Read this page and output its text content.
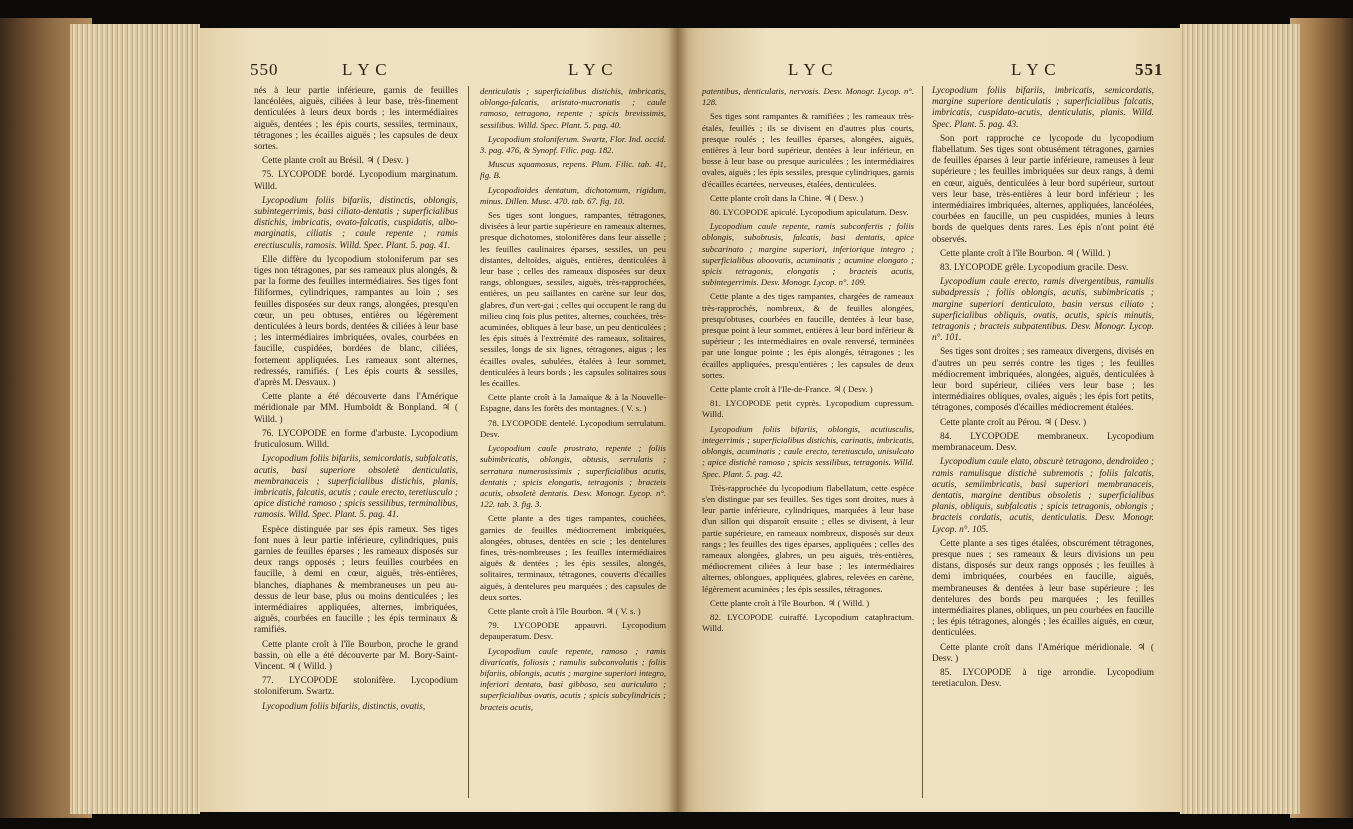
550	L Y C	L Y C

nés à leur partie inférieure, garnis de feuilles lancéolées, aiguës, ciliées à leur base, très-finement denticulées à leurs deux bords ; les intermédiaires aiguës, dentées ; les épis courts, sessiles, terminaux, tétragones ; les écailles aiguës ; les capsules de deux sortes.

Cette plante croît au Brésil. ♃ ( Desv. )

75. LYCOPODE bordé. Lycopodium marginatum. Willd.

Lycopodium foliis bifariis, distinctis, oblongis, subintegerrimis, basi ciliato-dentatis ; superficialibus distichis, imbricatis, ovato-falcatis, cuspidatis, albo-marginatis, ciliatis ; caule repente ; ramis erectiusculis, ramosis. Willd. Spec. Plant. 5. pag. 41.

Elle diffère du lycopodium stoloniferum par ses tiges non tétragones, par ses rameaux plus alongés, & par la forme des feuilles intermédiaires. Ses tiges font filiformes, cylindriques, rampantes au loin ; ses feuilles disposées sur deux rangs, alongées, presqu'en cœur, un peu obtuses, entières ou légèrement denticulées à leurs bords, dentées & ciliées à leur base ; les intermédiaires imbriquées, ovales, courbées en faucille, cuspidées, bordées de blanc, ciliées, fortement appliquées. Les rameaux sont alternes, redressés, ramifiés. ( Les épis courts & sessiles, d'après M. Desvaux. )

Cette plante a été découverte dans l'Amérique méridionale par MM. Humboldt & Bonpland. ♃ ( Willd. )

76. LYCOPODE en forme d'arbuste. Lycopodium fruticulosum. Willd.

Lycopodium foliis bifariis, semicordatis, subfalcatis, acutis, basi superiore obsoletè denticulatis, membranaceis ; superficialibus distichis, planis, imbricatis, falcatis, acutis ; caule erecto, teretiusculo ; apice distichè ramoso ; spicis sessilibus, terminalibus, ramosis. Willd. Spec. Plant. 5. pag. 41.

Espèce distinguée par ses épis rameux. Ses tiges font nues à leur partie inférieure, cylindriques, puis garnies de feuilles éparses ; les rameaux disposés sur deux rangs opposés ; leurs feuilles courbées en faucille, à demi en cœur, aiguës, très-entières, blanches, diaphanes & membraneuses un peu au-dessus de leur base, plus ou moins denticulées ; les intermédiaires appliquées, alternes, imbriquées, aiguës, courbées en faucille ; les épis terminaux & ramifiés.

Cette plante croît à l'île Bourbon, proche le grand bassin, où elle a été découverte par M. Bory-Saint-Vincent. ♃ ( Willd. )

77. LYCOPODE stolonifère. Lycopodium stoloniferum. Swartz.

Lycopodium foliis bifariis, distinctis, ovatis,

denticulatis ; superficialibus distichis, imbricatis, oblongo-falcatis, aristato-mucronatis ; caule ramoso, tetragono, repente ; spicis brevissimis, sessilibus. Willd. Spec. Plant. 5. pag. 40.

Lycopodium stoloniferum. Swartz, Flor. Ind. occid. 3. pag. 476, & Synopf. Filic. pag. 182.

Muscus squamosus, repens. Plum. Filic. tab. 41, fig. B.

Lycopodioides dentatum, dichotomum, rigidum, minus. Dillen. Musc. 470. tab. 67. fig. 10.

Ses tiges sont longues, rampantes, tétragones, divisées à leur partie supérieure en rameaux alternes, presque dichotomes, stolonifères dans leur aisselle ; les feuilles caulinaires éparses, sessiles, un peu distantes, deltoïdes, aiguës, entières, denticulées à leur base ; celles des rameaux disposées sur deux rangs, oblongues, sessiles, aiguës, très-rapprochées, entières, un peu saillantes en carène sur leur dos, glabres, d'un vert-gai ; celles qui occupent le rang du milieu cinq fois plus petites, alternes, couchées, très-acuminées, obliques à leur base, un peu denticulées ; les épis situés à l'extrémité des rameaux, solitaires, sessiles, longs de six lignes, tétragones, aigus ; les écailles ovales, subulées, étalées à leur sommet, denticulées à leurs bords ; les capsules solitaires sous les écailles.

Cette plante croît à la Jamaïque & à la Nouvelle-Espagne, dans les forêts des montagnes. ( V. s. )

78. LYCOPODE dentelé. Lycopodium serrulatum. Desv.

Lycopodium caule prostrato, repente ; foliis subimbricatis, oblongis, obtusis, serrulatis ; serratura numerosissimis ; superficialibus acutis, dentatis ; spicis elongatis, tetragonis ; bracteis acutis, obsoletè dentatis. Desv. Monogr. Lycop. n°. 122. tab. 3. fig. 3.

Cette plante a des tiges rampantes, couchées, garnies de feuilles médiocrement imbriquées, alongées, obtuses, dentées en scie ; les dentelures fines, très-nombreuses ; les feuilles intermédiaires aiguës & dentées ; les épis sessiles, alongés, solitaires, terminaux, tétragones, couverts d'écailles aiguës, à dentelures peu marquées ; des capsules de deux sortes.

Cette plante croît à l'île Bourbon. ♃ ( V. s. )

79. LYCOPODE appauvri. Lycopodium depauperatum. Desv.

Lycopodium caule repente, ramoso ; ramis divaricatis, foliosis ; ramulis subconvolutis ; foliis bifariis, oblongis, acutis ; margine superiori integro, inferiori dentato, basi gibboso, seu auriculato ; superficialibus ovatis, acutis ; spicis subcylindricis ; bracteis acutis,

L Y C	L Y C	551

patentibus, denticulatis, nervosis. Desv. Monogr. Lycop. n°. 128.

Ses tiges sont rampantes & ramifiées ; les rameaux très-étalés, feuillés ; ils se divisent en d'autres plus courts, presque roulés ; les feuilles éparses, alongées, aiguës, entières à leur bord supérieur, dentées à leur inférieur, en bosse à leur base ou presque auriculées ; les intermédiaires ovales, aiguës ; les épis sessiles, presque cylindriques, garnis d'écailles écartées, nerveuses, étalées, denticulées.

Cette plante croît dans la Chine. ♃ ( Desv. )

80. LYCOPODE apiculé. Lycopodium apiculatum. Desv.

Lycopodium caule repente, ramis subconfertis ; foliis oblongis, subobtusis, falcatis, basi dentatis, apice subcarinato ; margine superiori, inferiorique integro ; superficialibus oboovatis, acuminatis ; acumine elongato ; spicis tetragonis, elongatis ; bracteis acutis, subintegerrimis. Desv. Monogr. Lycop. n°. 109.

Cette plante a des tiges rampantes, chargées de rameaux très-rapprochés, nombreux, & de feuilles alongées, presqu'obtuses, courbées en faucille, dentées à leur base, presque point à leur sommet, entières à leur bord inférieur & supérieur ; les intermédiaires en ovale renversé, terminées par une longue pointe ; les épis alongés, tétragones ; les écailles appliquées, presqu'entières ; les capsules de deux sortes.

Cette plante croît à l'Ile-de-France. ♃ ( Desv. )

81. LYCOPODE petit cyprès. Lycopodium cupressum. Willd.

Lycopodium foliis bifariis, oblongis, acutiusculis, integerrimis ; superficialibus distichis, carinatis, imbricatis, oblongis, acuminatis ; caule erecto, teretiusculo, unisulcato ; apice distichè ramoso ; spicis sessilibus, tetragonis. Willd. Spec. Plant. 5. pag. 42.

Très-rapprochée du lycopodium flabellatum, cette espèce s'en distingue par ses feuilles. Ses tiges sont droites, nues à leur partie inférieure, cylindriques, marquées à leur base d'un sillon qui disparoît ensuite ; elles se divisent, à leur partie supérieure, en rameaux nombreux, disposés sur deux rangs ; les feuilles des tiges éparses, appliquées ; celles des rameaux alongées, glabres, un peu aiguës, très-entières, médiocrement ciliées à leur base ; les intermédiaires alternes, oblongues, appliquées, glabres, relevées en carène, légèrement acuminées ; les épis sessiles, tétragones.

Cette plante croît à l'île Bourbon. ♃ ( Willd. )

82. LYCOPODE cuiraffé. Lycopodium cataphractum. Willd.

Lycopodium foliis bifariis, imbricatis, semicordatis, margine superiore denticulatis ; superficialibus falcatis, imbricatis, cuspidato-acutis, denticulatis, planis. Willd. Spec. Plant. 5. pag. 43.

Son port rapproche ce lycopode du lycopodium flabellatum. Ses tiges sont obtusément tétragones, garnies de feuilles éparses à leur partie inférieure, rameuses à leur supérieure ; les feuilles imbriquées sur deux rangs, à demi en cœur, aiguës, denticulées à leur bord supérieur, surtout vers leur base, très-entières à leur bord inférieur ; les intermédiaires imbriquées, alternes, appliquées, lancéolées, courbées en faucille, un peu cuspidées, munies à leurs bords de quelques dents rares. Les épis n'ont point été observés.

Cette plante croît à l'île Bourbon. ♃ ( Willd. )

83. LYCOPODE grêle. Lycopodium gracile. Desv.

Lycopodium caule erecto, ramis divergentibus, ramulis subadpressis ; foliis oblongis, acutis, subimbricatis ; margine superiori denticulato, basin versus ciliato ; superficialibus obliquis, ovatis, acutis, spicis minutis, tetragonis ; bracteis subpatentibus. Desv. Monogr. Lycop. n°. 101.

Ses tiges sont droites ; ses rameaux divergens, divisés en d'autres un peu serrés contre les tiges ; les feuilles médiocrement imbriquées, alongées, aiguës, denticulées à leur bord supérieur, ciliées vers leur base ; les intermédiaires obliques, ovales, aiguës ; les épis fort petits, tétragones, composés d'écailles médiocrement étalées.

Cette plante croît au Pérou. ♃ ( Desv. )

84. LYCOPODE membraneux. Lycopodium membranaceum. Desv.

Lycopodium caule elato, obscurè tetragono, dendroïdeo ; ramis ramulisque distichè subremotis ; foliis falcatis, acutis, semiimbricatis, basi superiori membranaceis, dentatis, margine dentibus obsoletis ; superficialibus planis, obliquis, subfalcatis ; spicis tetragonis, oblongis ; bracteis cordatis, acutis, denticulatis. Desv. Monogr. Lycop. n°. 105.

Cette plante a ses tiges étalées, obscurément tétragones, presque nues ; ses rameaux & leurs divisions un peu distans, disposés sur deux rangs opposés ; les feuilles à demi imbriquées, courbées en faucille, aiguës, membraneuses & dentées à leur base supérieure ; les dentelures des bords peu marquées ; les feuilles intermédiaires planes, obliques, un peu courbées en faucille ; les épis tétragones, alongés ; les écailles aiguës, en cœur, denticulées.

Cette plante croît dans l'Amérique méridionale. ♃ ( Desv. )

85. LYCOPODE à tige arrondie. Lycopodium teretiaculon. Desv.
